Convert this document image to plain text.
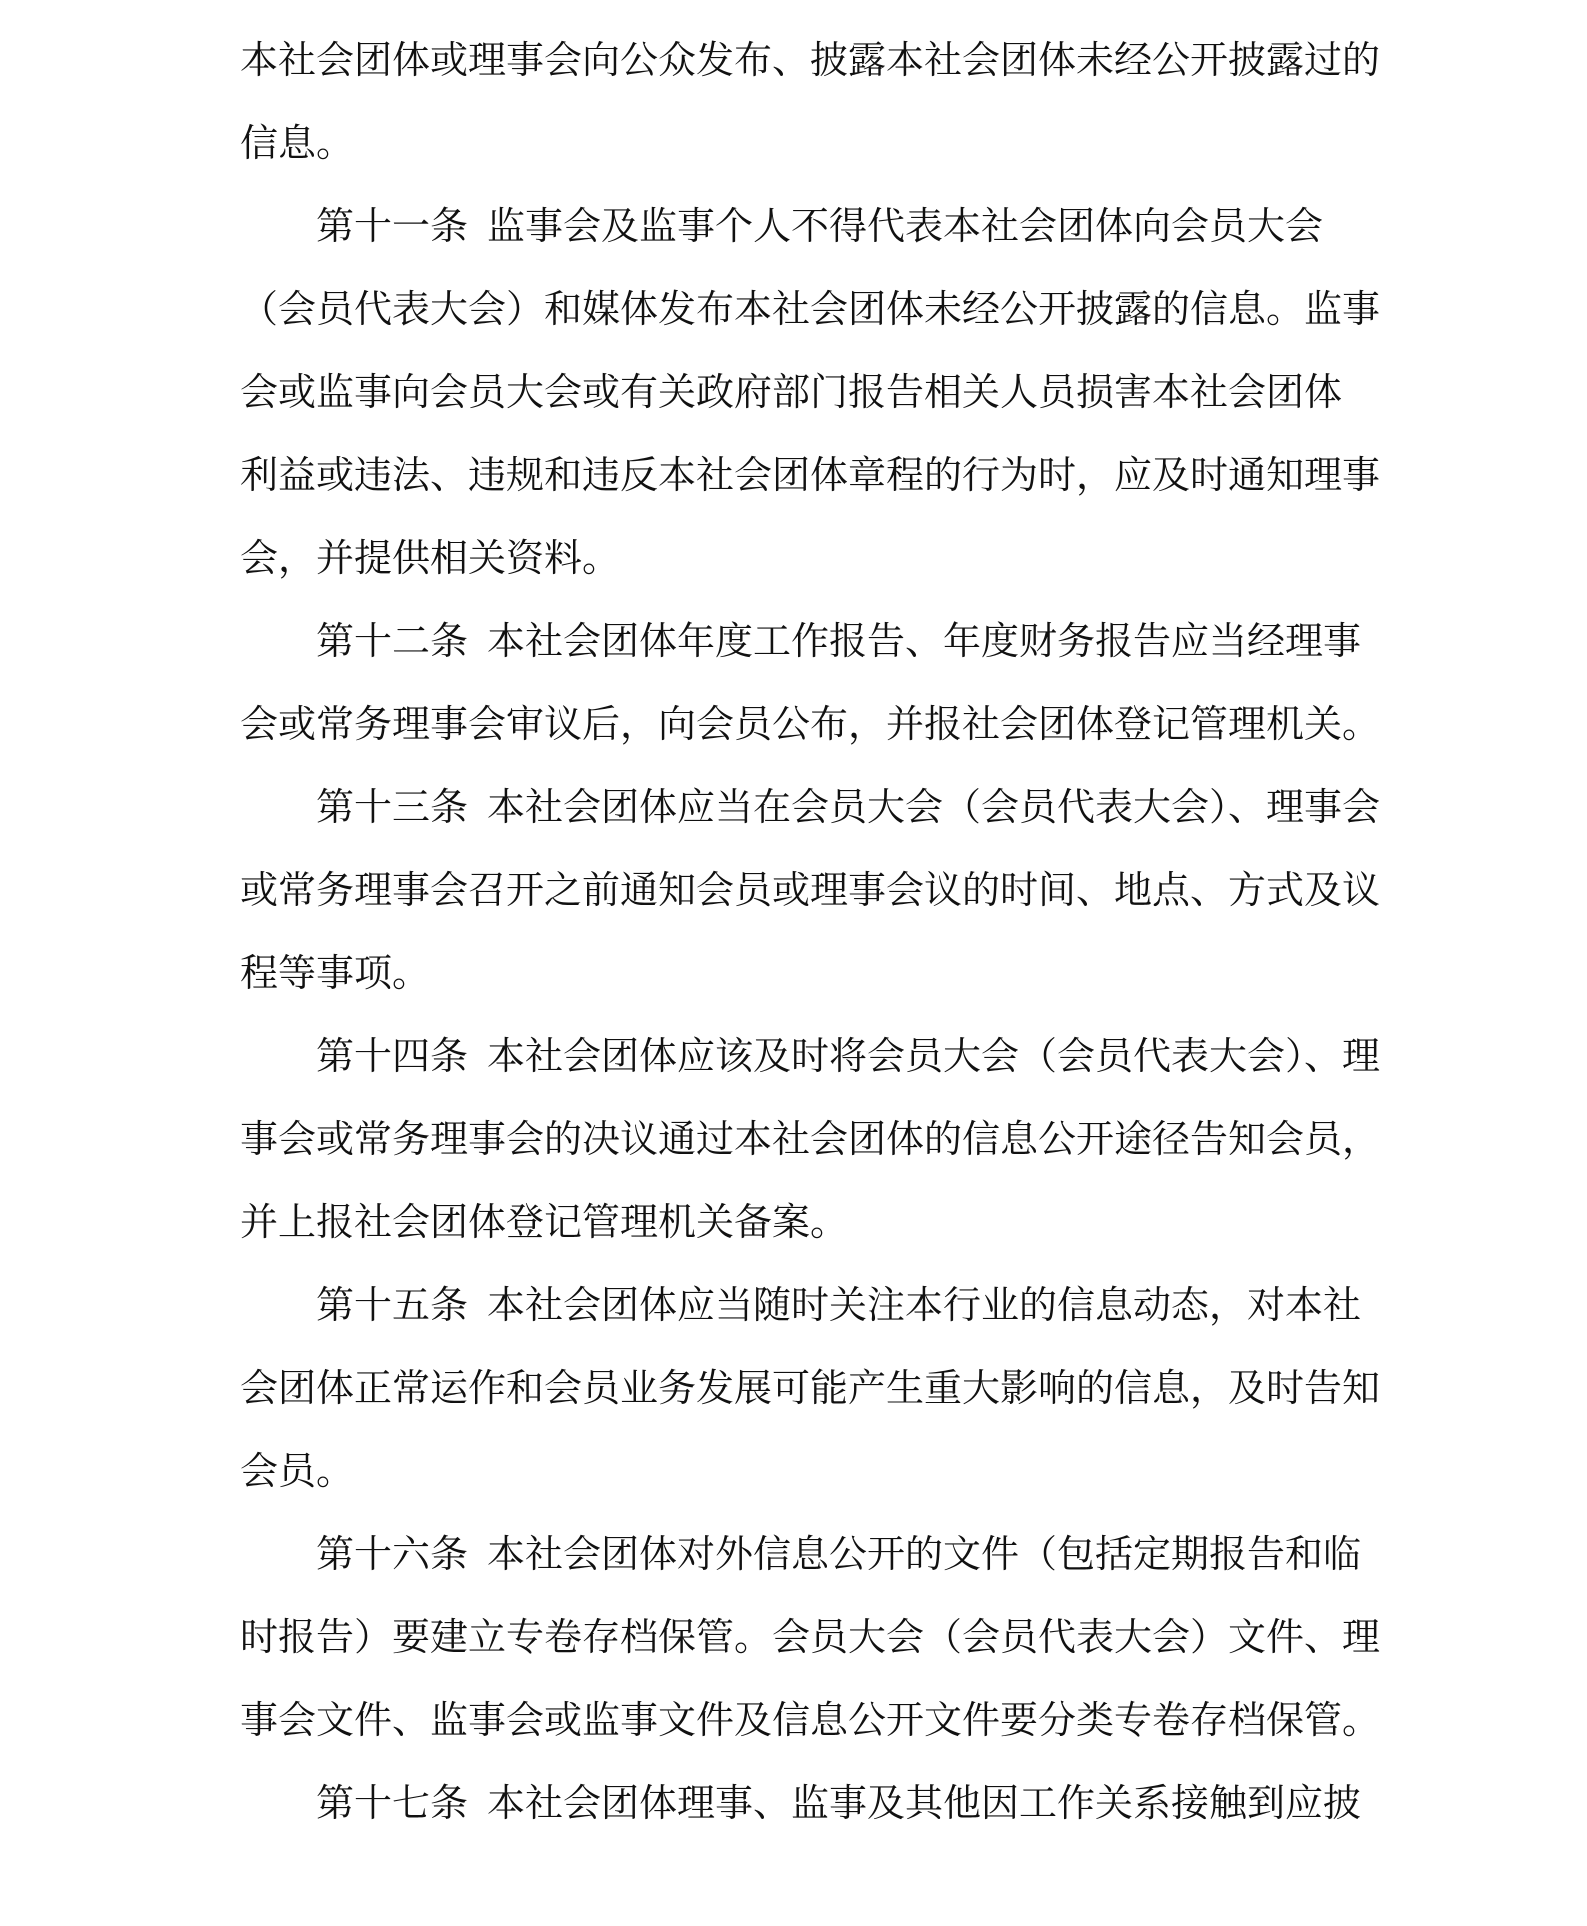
本社会团体或理事会向公众发布、披露本社会团体未经公开披露过的
信息。
第十一条  监事会及监事个人不得代表本社会团体向会员大会
（会员代表大会）和媒体发布本社会团体未经公开披露的信息。监事
会或监事向会员大会或有关政府部门报告相关人员损害本社会团体
利益或违法、违规和违反本社会团体章程的行为时，应及时通知理事
会，并提供相关资料。
第十二条  本社会团体年度工作报告、年度财务报告应当经理事
会或常务理事会审议后，向会员公布，并报社会团体登记管理机关。
第十三条  本社会团体应当在会员大会（会员代表大会）、理事会
或常务理事会召开之前通知会员或理事会议的时间、地点、方式及议
程等事项。
第十四条  本社会团体应该及时将会员大会（会员代表大会）、理
事会或常务理事会的决议通过本社会团体的信息公开途径告知会员，
并上报社会团体登记管理机关备案。
第十五条  本社会团体应当随时关注本行业的信息动态，对本社
会团体正常运作和会员业务发展可能产生重大影响的信息，及时告知
会员。
第十六条  本社会团体对外信息公开的文件（包括定期报告和临
时报告）要建立专卷存档保管。会员大会（会员代表大会）文件、理
事会文件、监事会或监事文件及信息公开文件要分类专卷存档保管。
第十七条  本社会团体理事、监事及其他因工作关系接触到应披
